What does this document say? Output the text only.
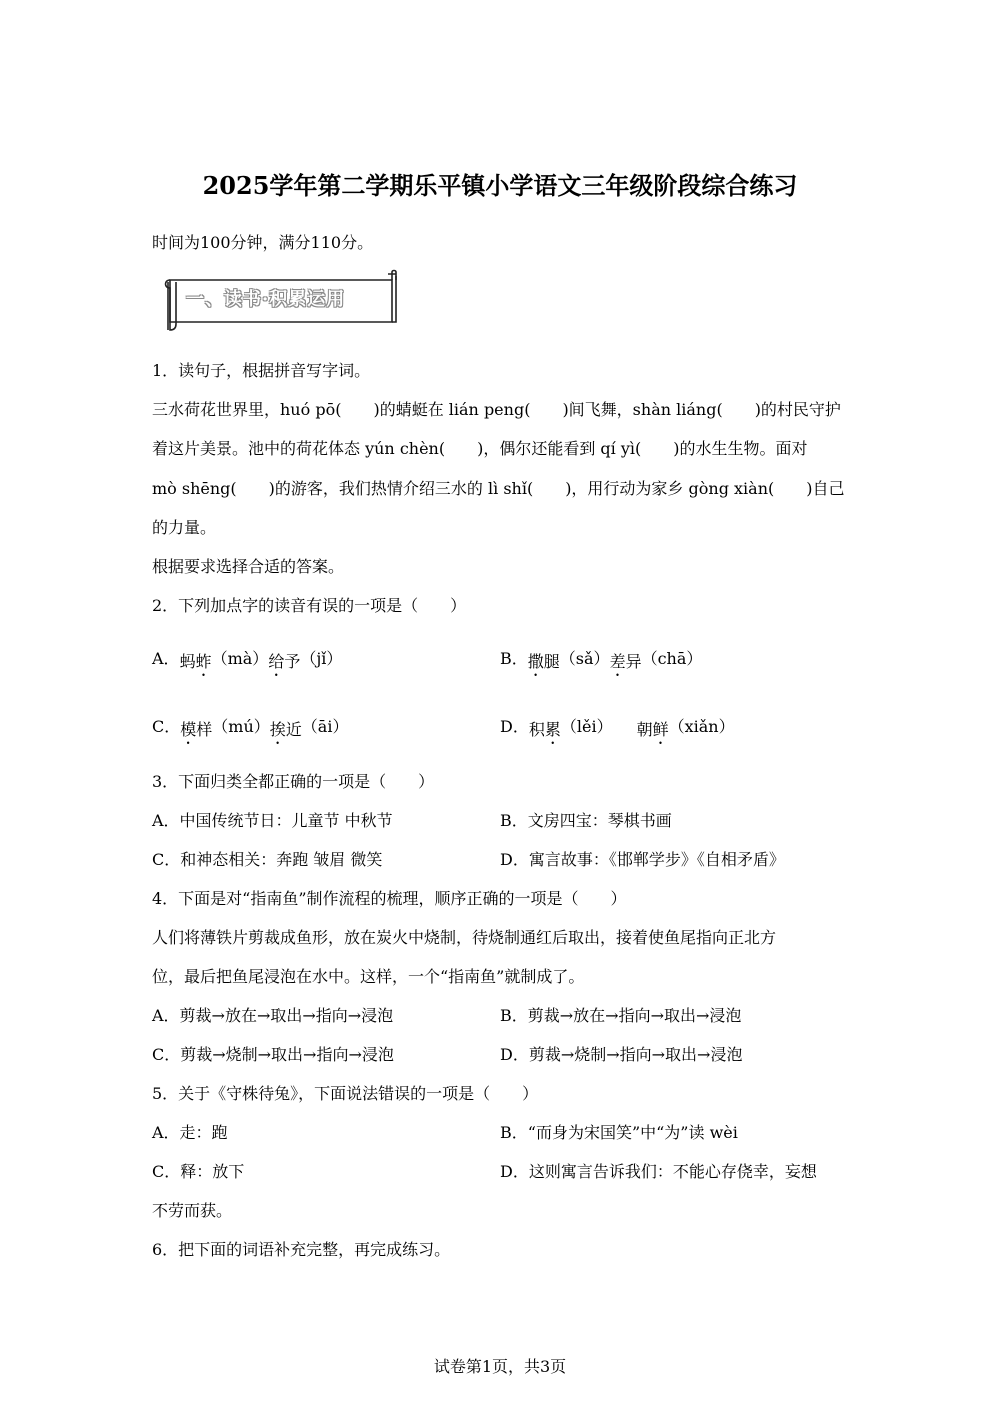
2025学年第二学期乐平镇小学语文三年级阶段综合练习
时间为100分钟，满分110分。
一、读书·积累运用
1．读句子，根据拼音写字词。
三水荷花世界里，huó pō(　　)的蜻蜓在 lián peng(　　)间飞舞，shàn liáng(　　)的村民守护
着这片美景。池中的荷花体态 yún chèn(　　)，偶尔还能看到 qí yì(　　)的水生生物。面对
mò shēng(　　)的游客，我们热情介绍三水的 lì shǐ(　　)，用行动为家乡 gòng xiàn(　　)自己
的力量。
根据要求选择合适的答案。
2．下列加点字的读音有误的一项是（　　）
A．蚂蚱（mà）给予（jǐ）	B．撒腿（sǎ）差异（chā）
C．模样（mú）挨近（āi）	D．积累（lěi） 朝鲜（xiǎn）
3．下面归类全都正确的一项是（　　）
A．中国传统节日：儿童节 中秋节	B．文房四宝：琴棋书画
C．和神态相关：奔跑 皱眉 微笑	D．寓言故事：《邯郸学步》《自相矛盾》
4．下面是对“指南鱼”制作流程的梳理，顺序正确的一项是（　　）
人们将薄铁片剪裁成鱼形，放在炭火中烧制，待烧制通红后取出，接着使鱼尾指向正北方
位，最后把鱼尾浸泡在水中。这样，一个“指南鱼”就制成了。
A．剪裁→放在→取出→指向→浸泡	B．剪裁→放在→指向→取出→浸泡
C．剪裁→烧制→取出→指向→浸泡	D．剪裁→烧制→指向→取出→浸泡
5．关于《守株待兔》，下面说法错误的一项是（　　）
A．走：跑	B．“而身为宋国笑”中“为”读 wèi
C．释：放下	D．这则寓言告诉我们：不能心存侥幸，妄想
不劳而获。
6．把下面的词语补充完整，再完成练习。
试卷第1页，共3页
